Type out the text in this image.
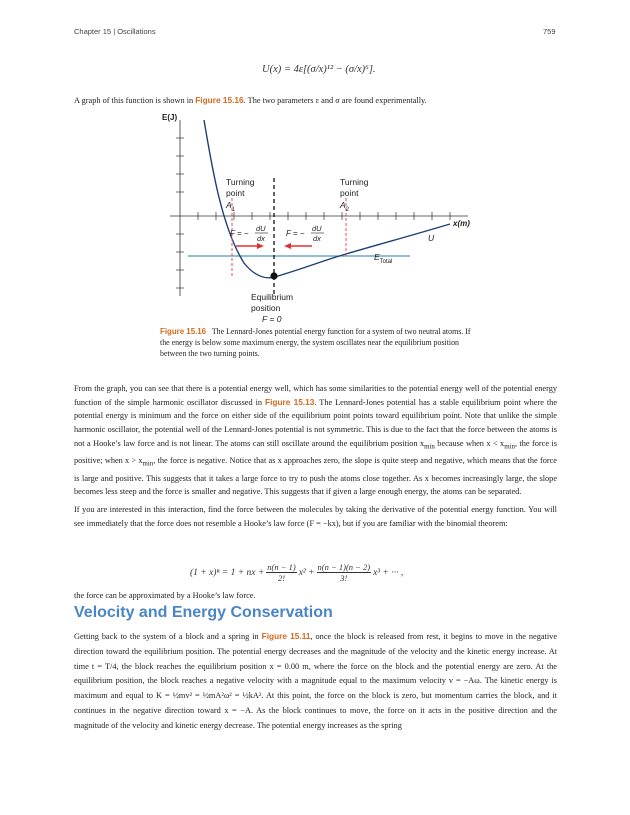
Chapter 15 | Oscillations	759
U(x) = 4ε[(σ/x)¹² − (σ/x)⁶].
A graph of this function is shown in Figure 15.16. The two parameters ε and σ are found experimentally.
E(J)
x(m)
$E_{Total}$
U
Turning point $A_1$
Turning point $A_2$
F = −
dU
dx
F = −
dU
dx
Equilibrium position F = 0
Figure 15.16 The Lennard-Jones potential energy function for a system of two neutral atoms. If the energy is below some maximum energy, the system oscillates near the equilibrium position between the two turning points.

From the graph, you can see that there is a potential energy well, which has some similarities to the potential energy well of the potential energy function of the simple harmonic oscillator discussed in Figure 15.13. The Lennard-Jones potential has a stable equilibrium point where the potential energy is minimum and the force on either side of the equilibrium point points toward equilibrium point. Note that unlike the simple harmonic oscillator, the potential well of the Lennard-Jones potential is not symmetric. This is due to the fact that the force between the atoms is not a Hooke’s law force and is not linear. The atoms can still oscillate around the equilibrium position $x_{min}$ because when $x < x_{min}$, the force is positive; when $x > x_{min}$, the force is negative. Notice that as x approaches zero, the slope is quite steep and negative, which means that the force is large and positive. This suggests that it takes a large force to try to push the atoms close together. As x becomes increasingly large, the slope becomes less steep and the force is smaller and negative. This suggests that if given a large enough energy, the atoms can be separated.

If you are interested in this interaction, find the force between the molecules by taking the derivative of the potential energy function. You will see immediately that the force does not resemble a Hooke’s law force (F = −kx), but if you are familiar with the binomial theorem:

(1 + x)ⁿ = 1 + nx + $\frac{n(n - 1)}{2!} x^2 + \frac{n(n - 1)(n - 2)}{3!} x^3$ + ··· ,
the force can be approximated by a Hooke’s law force.
Velocity and Energy Conservation
Getting back to the system of a block and a spring in Figure 15.11, once the block is released from rest, it begins to move in the negative direction toward the equilibrium position. The potential energy decreases and the magnitude of the velocity and the kinetic energy increase. At time t = T/4, the block reaches the equilibrium position x = 0.00 m, where the force on the block and the potential energy are zero. At the equilibrium position, the block reaches a negative velocity with a magnitude equal to the maximum velocity v = −Aω. The kinetic energy is maximum and equal to K = ½mv² = ½mA²ω² = ½kA². At this point, the force on the block is zero, but momentum carries the block, and it continues in the negative direction toward x = −A. As the block continues to move, the force on it acts in the positive direction and the magnitude of the velocity and kinetic energy decrease. The potential energy increases as the spring
